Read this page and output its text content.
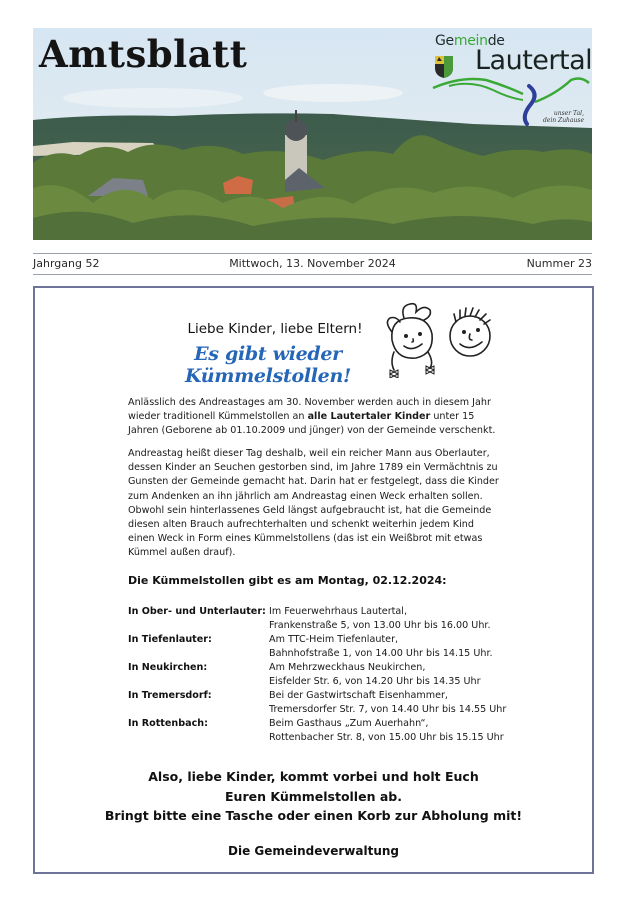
Amtsblatt	Gemeinde
Lautertal
unser Tal,
dein Zuhause
Jahrgang 52	Mittwoch, 13. November 2024	Nummer 23
Liebe Kinder, liebe Eltern!
Es gibt wieder Kümmelstollen!
Anlässlich des Andreastages am 30. November werden auch in diesem Jahr wieder traditionell Kümmelstollen an alle Lautertaler Kinder unter 15 Jahren (Geborene ab 01.10.2009 und jünger) von der Gemeinde verschenkt.
Andreastag heißt dieser Tag deshalb, weil ein reicher Mann aus Oberlauter, dessen Kinder an Seuchen gestorben sind, im Jahre 1789 ein Vermächtnis zu Gunsten der Gemeinde gemacht hat. Darin hat er festgelegt, dass die Kinder zum Andenken an ihn jährlich am Andreastag einen Weck erhalten sollen. Obwohl sein hinterlassenes Geld längst aufgebraucht ist, hat die Gemeinde diesen alten Brauch aufrechterhalten und schenkt weiterhin jedem Kind einen Weck in Form eines Kümmelstollens (das ist ein Weißbrot mit etwas Kümmel außen drauf).
Die Kümmelstollen gibt es am Montag, 02.12.2024:
In Ober- und Unterlauter: Im Feuerwehrhaus Lautertal,
Frankenstraße 5, von 13.00 Uhr bis 16.00 Uhr.
In Tiefenlauter:	Am TTC-Heim Tiefenlauter,
Bahnhofstraße 1, von 14.00 Uhr bis 14.15 Uhr.
In Neukirchen:	Am Mehrzweckhaus Neukirchen,
Eisfelder Str. 6, von 14.20 Uhr bis 14.35 Uhr
In Tremersdorf:	Bei der Gastwirtschaft Eisenhammer,
Tremersdorfer Str. 7, von 14.40 Uhr bis 14.55 Uhr
In Rottenbach:	Beim Gasthaus „Zum Auerhahn“,
Rottenbacher Str. 8, von 15.00 Uhr bis 15.15 Uhr
Also, liebe Kinder, kommt vorbei und holt Euch
Euren Kümmelstollen ab.
Bringt bitte eine Tasche oder einen Korb zur Abholung mit!
Die Gemeindeverwaltung
